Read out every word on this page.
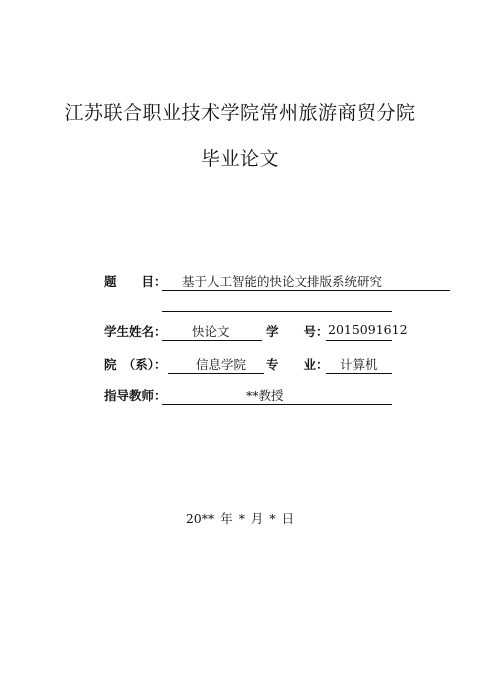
江苏联合职业技术学院常州旅游商贸分院
毕业论文
题　　目： 基于人工智能的快论文排版系统研究
学生姓名： 快论文	学　　号： 2015091612
院　（系）： 信息学院 专　　业： 计算机
指导教师：	**教授
20** 年 * 月 * 日
